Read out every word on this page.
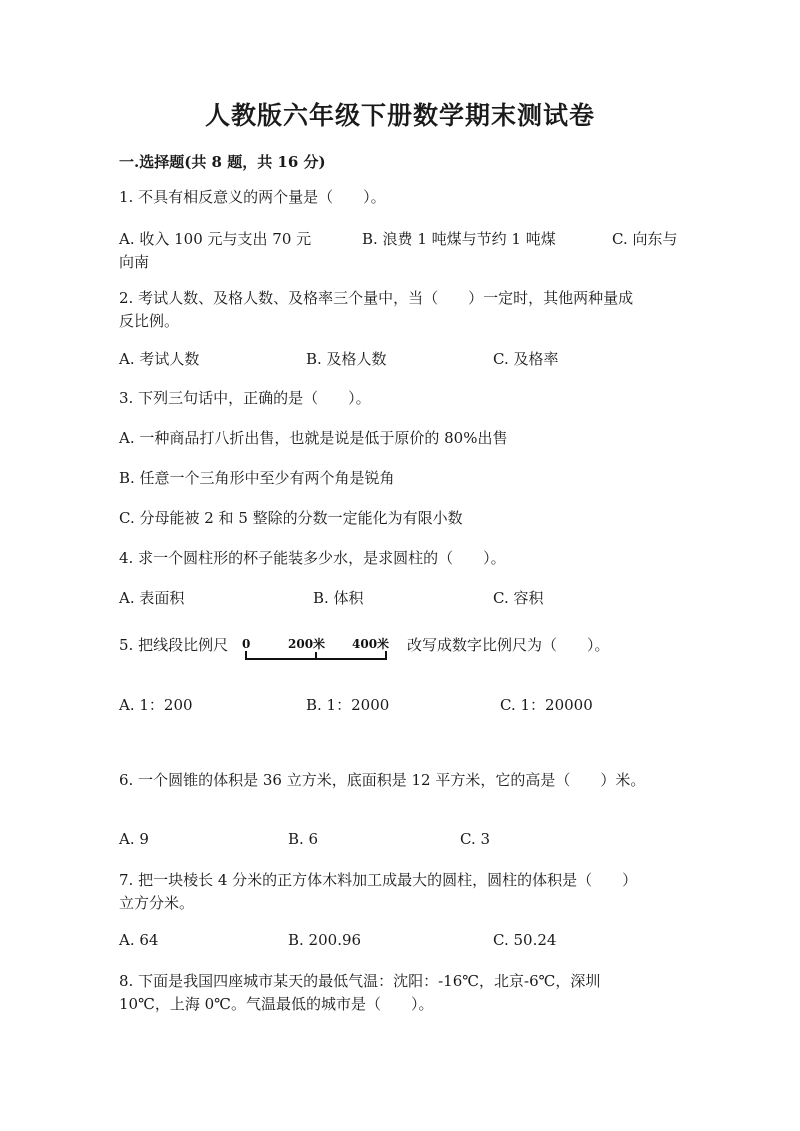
人教版六年级下册数学期末测试卷
一.选择题(共 8 题，共 16 分)
1. 不具有相反意义的两个量是（　　）。
A. 收入 100 元与支出 70 元	B. 浪费 1 吨煤与节约 1 吨煤	C. 向东与
向南
2. 考试人数、及格人数、及格率三个量中，当（　　）一定时，其他两种量成
反比例。
A. 考试人数	B. 及格人数	C. 及格率
3. 下列三句话中，正确的是（　　）。
A. 一种商品打八折出售，也就是说是低于原价的 80%出售
B. 任意一个三角形中至少有两个角是锐角
C. 分母能被 2 和 5 整除的分数一定能化为有限小数
4. 求一个圆柱形的杯子能装多少水，是求圆柱的（　　）。
A. 表面积	B. 体积	C. 容积
5. 把线段比例尺 0	200米 400米 改写成数字比例尺为（　　）。
A. 1：200	B. 1：2000	C. 1：20000
6. 一个圆锥的体积是 36 立方米，底面积是 12 平方米，它的高是（　　）米。
A. 9	B. 6	C. 3
7. 把一块棱长 4 分米的正方体木料加工成最大的圆柱，圆柱的体积是（　　）
立方分米。
A. 64	B. 200.96	C. 50.24
8. 下面是我国四座城市某天的最低气温：沈阳：-16℃，北京-6℃，深圳
10℃，上海 0℃。气温最低的城市是（　　）。
